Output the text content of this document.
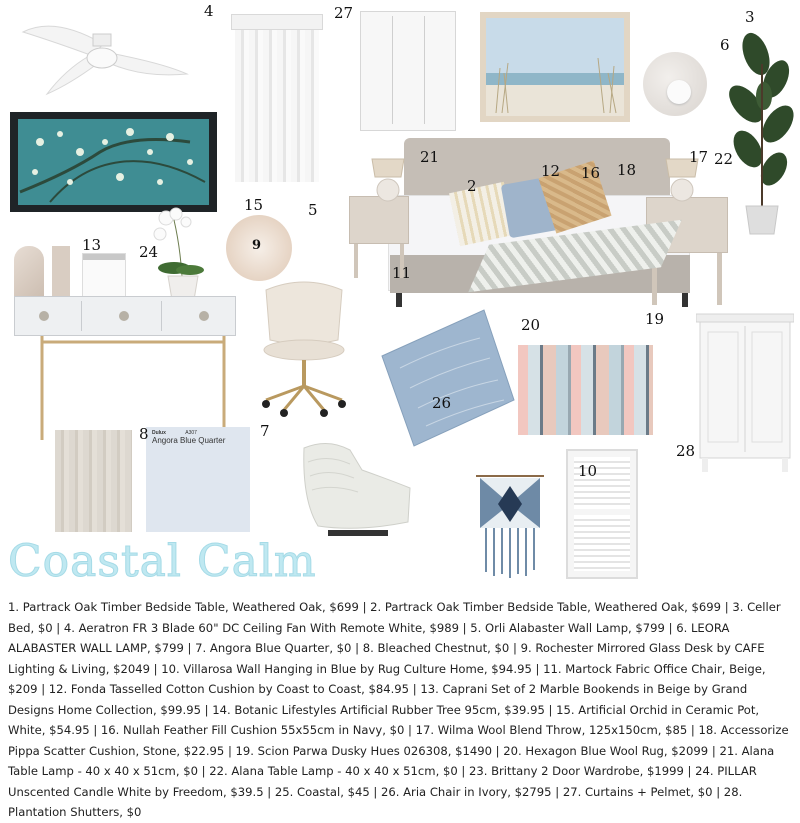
Dulux	A307
Angora Blue Quarter
4	27	3
6
21
12 16 18
17 22
2
15	5
9
13	24
11
20	19
26
7
8
28
10
Coastal Calm
1. Partrack Oak Timber Bedside Table, Weathered Oak, $699 | 2. Partrack Oak Timber Bedside Table, Weathered Oak, $699 | 3. Celler Bed, $0 | 4. Aeratron FR 3 Blade 60" DC Ceiling Fan With Remote White, $989 | 5. Orli Alabaster Wall Lamp, $799 | 6. LEORA ALABASTER WALL LAMP, $799 | 7. Angora Blue Quarter, $0 | 8. Bleached Chestnut, $0 | 9. Rochester Mirrored Glass Desk by CAFE Lighting & Living, $2049 | 10. Villarosa Wall Hanging in Blue by Rug Culture Home, $94.95 | 11. Martock Fabric Office Chair, Beige, $209 | 12. Fonda Tasselled Cotton Cushion by Coast to Coast, $84.95 | 13. Caprani Set of 2 Marble Bookends in Beige by Grand Designs Home Collection, $99.95 | 14. Botanic Lifestyles Artificial Rubber Tree 95cm, $39.95 | 15. Artificial Orchid in Ceramic Pot, White, $54.95 | 16. Nullah Feather Fill Cushion 55x55cm in Navy, $0 | 17. Wilma Wool Blend Throw, 125x150cm, $85 | 18. Accessorize Pippa Scatter Cushion, Stone, $22.95 | 19. Scion Parwa Dusky Hues 026308, $1490 | 20. Hexagon Blue Wool Rug, $2099 | 21. Alana Table Lamp - 40 x 40 x 51cm, $0 | 22. Alana Table Lamp - 40 x 40 x 51cm, $0 | 23. Brittany 2 Door Wardrobe, $1999 | 24. PILLAR Unscented Candle White by Freedom, $39.5 | 25. Coastal, $45 | 26. Aria Chair in Ivory, $2795 | 27. Curtains + Pelmet, $0 | 28. Plantation Shutters, $0
